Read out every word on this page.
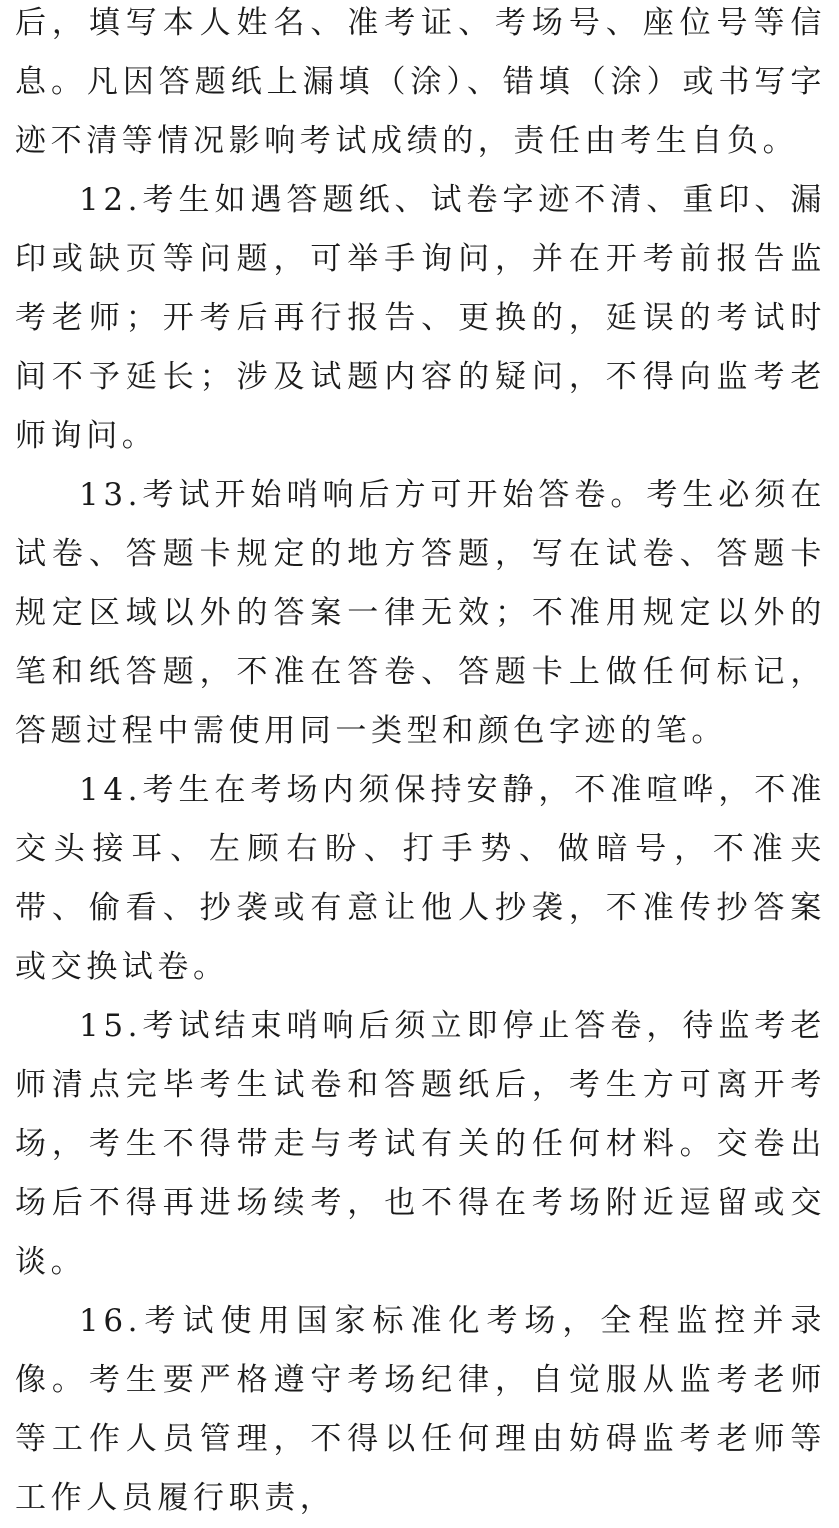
后，填写本人姓名、准考证、考场号、座位号等信息。凡因答题纸上漏填（涂）、错填（涂）或书写字迹不清等情况影响考试成绩的，责任由考生自负。

12.考生如遇答题纸、试卷字迹不清、重印、漏印或缺页等问题，可举手询问，并在开考前报告监考老师；开考后再行报告、更换的，延误的考试时间不予延长；涉及试题内容的疑问，不得向监考老师询问。

13.考试开始哨响后方可开始答卷。考生必须在试卷、答题卡规定的地方答题，写在试卷、答题卡规定区域以外的答案一律无效；不准用规定以外的笔和纸答题，不准在答卷、答题卡上做任何标记，答题过程中需使用同一类型和颜色字迹的笔。

14.考生在考场内须保持安静，不准喧哗，不准交头接耳、左顾右盼、打手势、做暗号，不准夹带、偷看、抄袭或有意让他人抄袭，不准传抄答案或交换试卷。

15.考试结束哨响后须立即停止答卷，待监考老师清点完毕考生试卷和答题纸后，考生方可离开考场，考生不得带走与考试有关的任何材料。交卷出场后不得再进场续考，也不得在考场附近逗留或交谈。

16.考试使用国家标准化考场，全程监控并录像。考生要严格遵守考场纪律，自觉服从监考老师等工作人员管理，不得以任何理由妨碍监考老师等工作人员履行职责，
